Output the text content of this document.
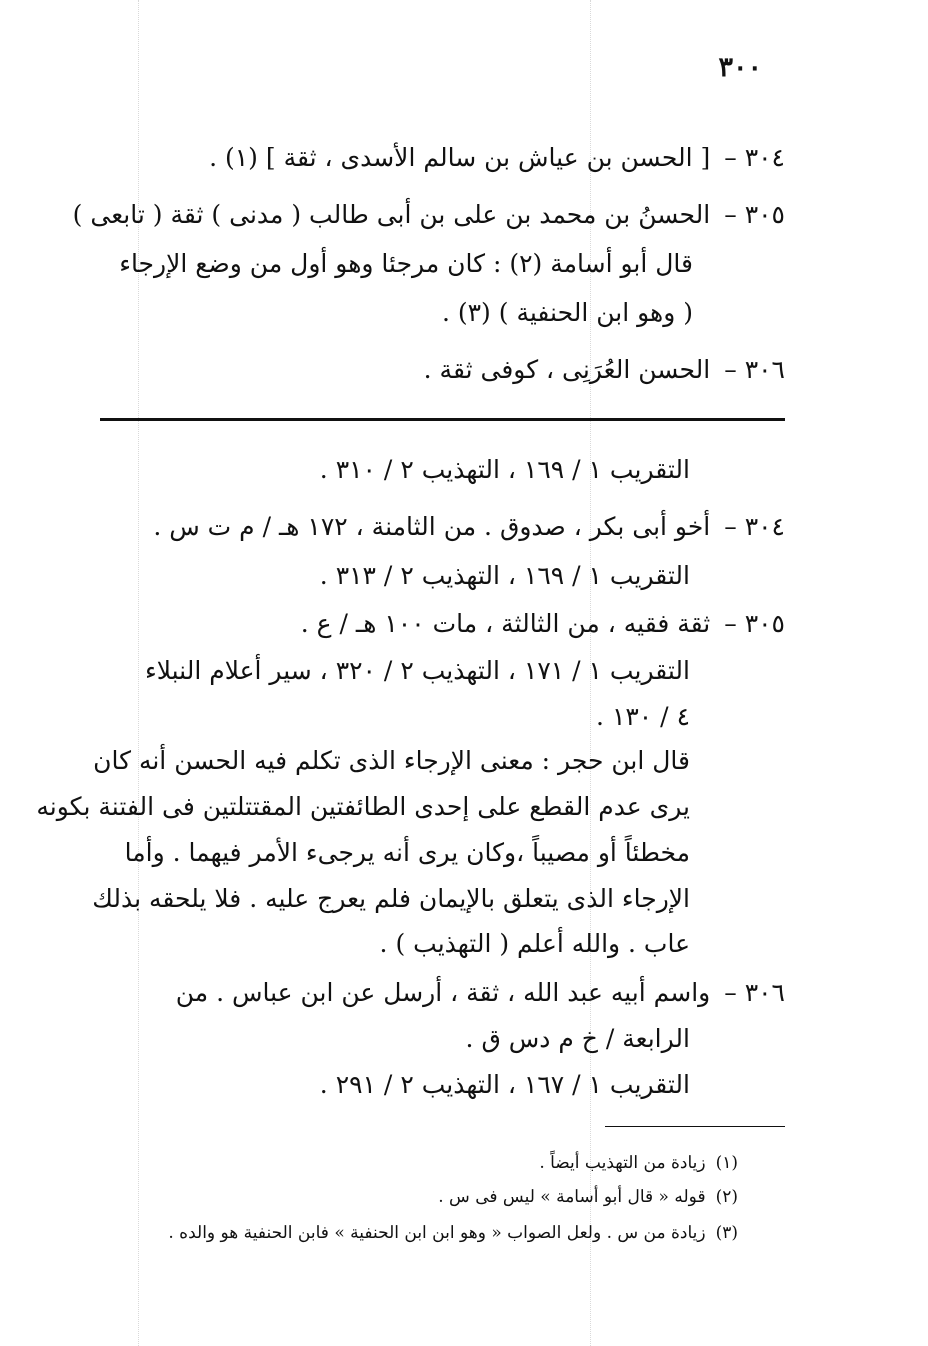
٣٠٠
٣٠٤ –[ الحسن بن عياش بن سالم الأسدى ، ثقة ] (١) .
٣٠٥ –الحسنُ بن محمد بن على بن أبى طالب ( مدنى ) ثقة ( تابعى )
قال أبو أسامة (٢) : كان مرجئا وهو أول من وضع الإرجاء
( وهو ابن الحنفية ) (٣) .
٣٠٦ –الحسن العُرَنِى ، كوفى ثقة .
التقريب ١ / ١٦٩ ، التهذيب ٢ / ٣١٠ .
٣٠٤ –أخو أبى بكر ، صدوق . من الثامنة ، ١٧٢ هـ / م ت س .
التقريب ١ / ١٦٩ ، التهذيب ٢ / ٣١٣ .
٣٠٥ –ثقة فقيه ، من الثالثة ، مات ١٠٠ هـ / ع .
التقريب ١ / ١٧١ ، التهذيب ٢ / ٣٢٠ ، سير أعلام النبلاء
٤ / ١٣٠ .
قال ابن حجر : معنى الإرجاء الذى تكلم فيه الحسن أنه كان
يرى عدم القطع على إحدى الطائفتين المقتتلتين فى الفتنة بكونه
مخطئاً أو مصيباً ،وكان يرى أنه يرجىء الأمر فيهما . وأما
الإرجاء الذى يتعلق بالإيمان فلم يعرج عليه . فلا يلحقه بذلك
عاب . والله أعلم ( التهذيب ) .
٣٠٦ –واسم أبيه عبد الله ، ثقة ، أرسل عن ابن عباس . من
الرابعة / خ م دس ق .
التقريب ١ / ١٦٧ ، التهذيب ٢ / ٢٩١ .
(١)زيادة من التهذيب أيضاً .
(٢)قوله « قال أبو أسامة » ليس فى س .
(٣)زيادة من س . ولعل الصواب « وهو ابن ابن الحنفية » فابن الحنفية هو والده .
